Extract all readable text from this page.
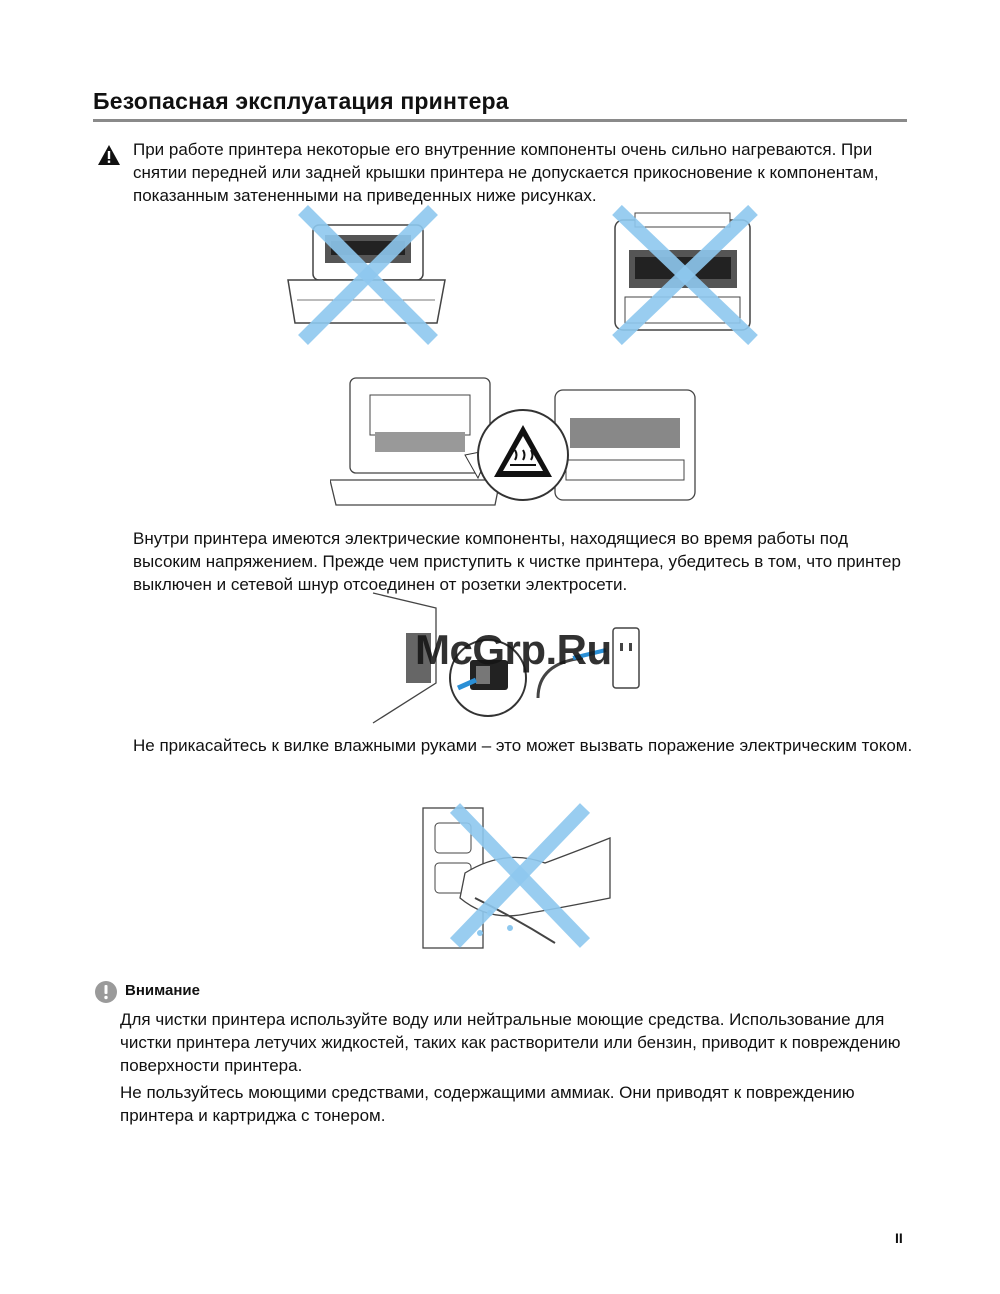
Безопасная эксплуатация принтера
При работе принтера некоторые его внутренние компоненты очень сильно нагреваются. При снятии передней или задней крышки принтера не допускается прикосновение к компонентам, показанным затененными на приведенных ниже рисунках.
Внутри принтера имеются электрические компоненты, находящиеся во время работы под высоким напряжением. Прежде чем приступить к чистке принтера, убедитесь в том, что принтер выключен и сетевой шнур отсоединен от розетки электросети.
McGrp.Ru
Не прикасайтесь к вилке влажными руками – это может вызвать поражение электрическим током.
Внимание
Для чистки принтера используйте воду или нейтральные моющие средства. Использование для чистки принтера летучих жидкостей, таких как растворители или бензин, приводит к повреждению поверхности принтера.
Не пользуйтесь моющими средствами, содержащими аммиак. Они приводят к повреждению принтера и картриджа с тонером.
II
